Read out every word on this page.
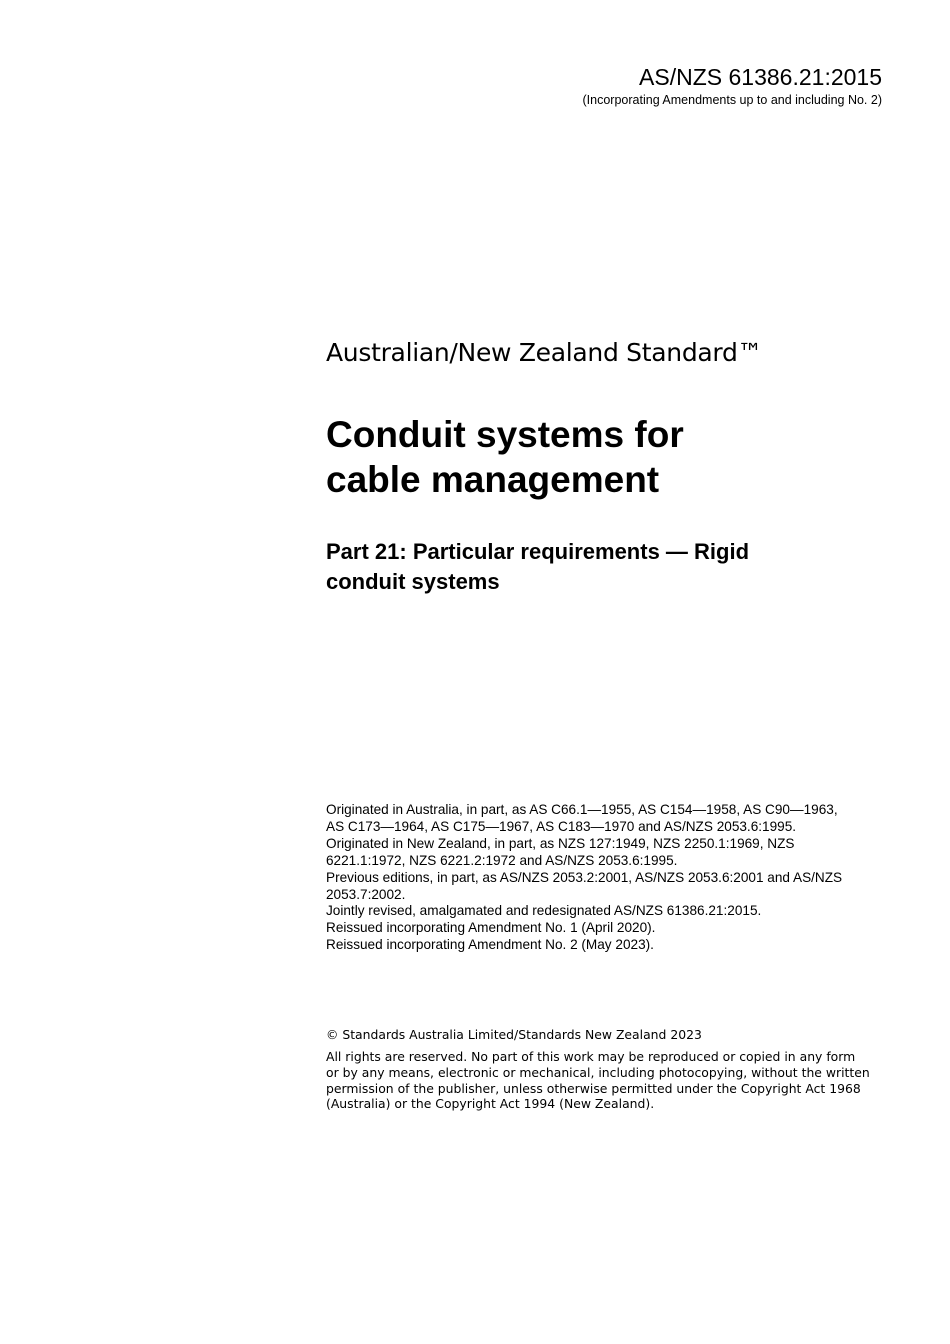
AS/NZS 61386.21:2015
(Incorporating Amendments up to and including No. 2)
Australian/New Zealand Standard™
Conduit systems for
cable management
Part 21: Particular requirements — Rigid
conduit systems
Originated in Australia, in part, as AS C66.1—1955, AS C154—1958, AS C90—1963,
AS C173—1964, AS C175—1967, AS C183—1970 and AS/NZS 2053.6:1995.
Originated in New Zealand, in part, as NZS 127:1949, NZS 2250.1:1969, NZS
6221.1:1972, NZS 6221.2:1972 and AS/NZS 2053.6:1995.
Previous editions, in part, as AS/NZS 2053.2:2001, AS/NZS 2053.6:2001 and AS/NZS
2053.7:2002.
Jointly revised, amalgamated and redesignated AS/NZS 61386.21:2015.
Reissued incorporating Amendment No. 1 (April 2020).
Reissued incorporating Amendment No. 2 (May 2023).
© Standards Australia Limited/Standards New Zealand 2023
All rights are reserved. No part of this work may be reproduced or copied in any form
or by any means, electronic or mechanical, including photocopying, without the written
permission of the publisher, unless otherwise permitted under the Copyright Act 1968
(Australia) or the Copyright Act 1994 (New Zealand).
